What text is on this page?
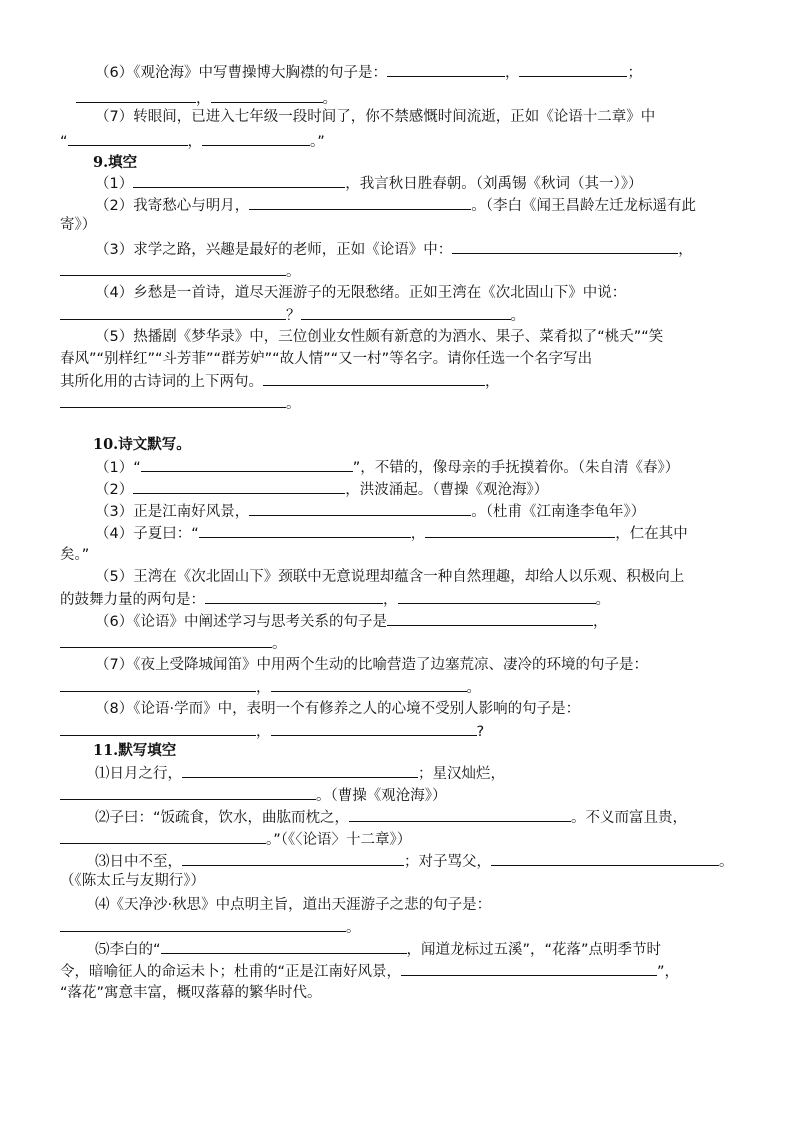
（6）《观沧海》中写曹操博大胸襟的句子是：	，	；
，	。
（7）转眼间，已进入七年级一段时间了，你不禁感慨时间流逝，正如《论语十二章》中
“	，	。”
9.填空
（1）	，我言秋日胜春朝。（刘禹锡《秋词（其一）》）
（2）我寄愁心与明月，	。（李白《闻王昌龄左迁龙标遥有此
寄》）
（3）求学之路，兴趣是最好的老师，正如《论语》中：	，
。
（4）乡愁是一首诗，道尽天涯游子的无限愁绪。正如王湾在《次北固山下》中说：
？	。
（5）热播剧《梦华录》中，三位创业女性颇有新意的为酒水、果子、菜肴拟了“桃夭”“笑
春风”“别样红”“斗芳菲”“群芳妒”“故人情”“又一村”等名字。请你任选一个名字写出
其所化用的古诗词的上下两句。	，
。
10.诗文默写。
（1）“	”，不错的，像母亲的手抚摸着你。（朱自清《春》）
（2）	，洪波涌起。（曹操《观沧海》）
（3）正是江南好风景，	。（杜甫《江南逢李龟年》）
（4）子夏曰：“	，	，仁在其中
矣。”
（5）王湾在《次北固山下》颈联中无意说理却蕴含一种自然理趣，却给人以乐观、积极向上
的鼓舞力量的两句是：	，	。
（6）《论语》中阐述学习与思考关系的句子是	，
。
（7）《夜上受降城闻笛》中用两个生动的比喻营造了边塞荒凉、凄冷的环境的句子是：
，	。
（8）《论语·学而》中，表明一个有修养之人的心境不受别人影响的句子是：
，	?
11.默写填空
⑴日月之行，	；星汉灿烂，
。（曹操《观沧海》）
⑵子曰：“饭疏食，饮水，曲肱而枕之，	。不义而富且贵，
。”（《〈论语〉十二章》）
⑶日中不至，	；对子骂父，	。
（《陈太丘与友期行》）
⑷《天净沙·秋思》中点明主旨，道出天涯游子之悲的句子是：
。
⑸李白的“	，闻道龙标过五溪”，“花落”点明季节时
令，暗喻征人的命运未卜；杜甫的“正是江南好风景，	”，
“落花”寓意丰富，概叹落幕的繁华时代。
